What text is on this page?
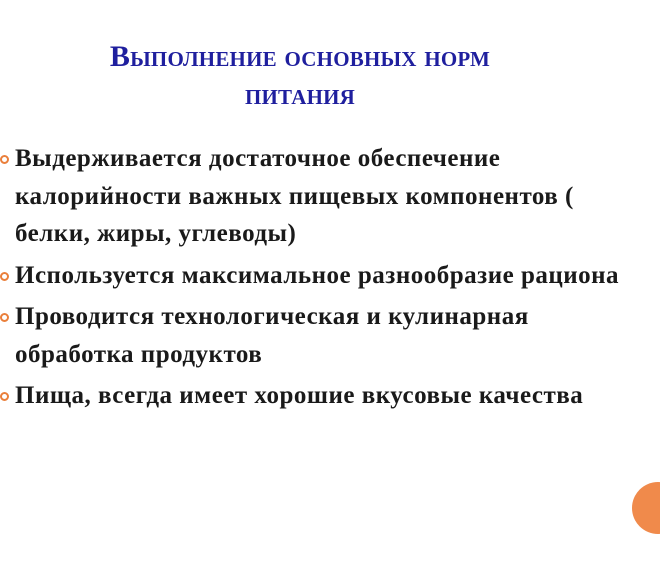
Выполнение основных норм
питания
Выдерживается достаточное обеспечение калорийности важных пищевых компонентов ( белки, жиры, углеводы)
Используется максимальное разнообразие рациона
Проводится технологическая и кулинарная обработка продуктов
Пища, всегда имеет хорошие вкусовые качества
